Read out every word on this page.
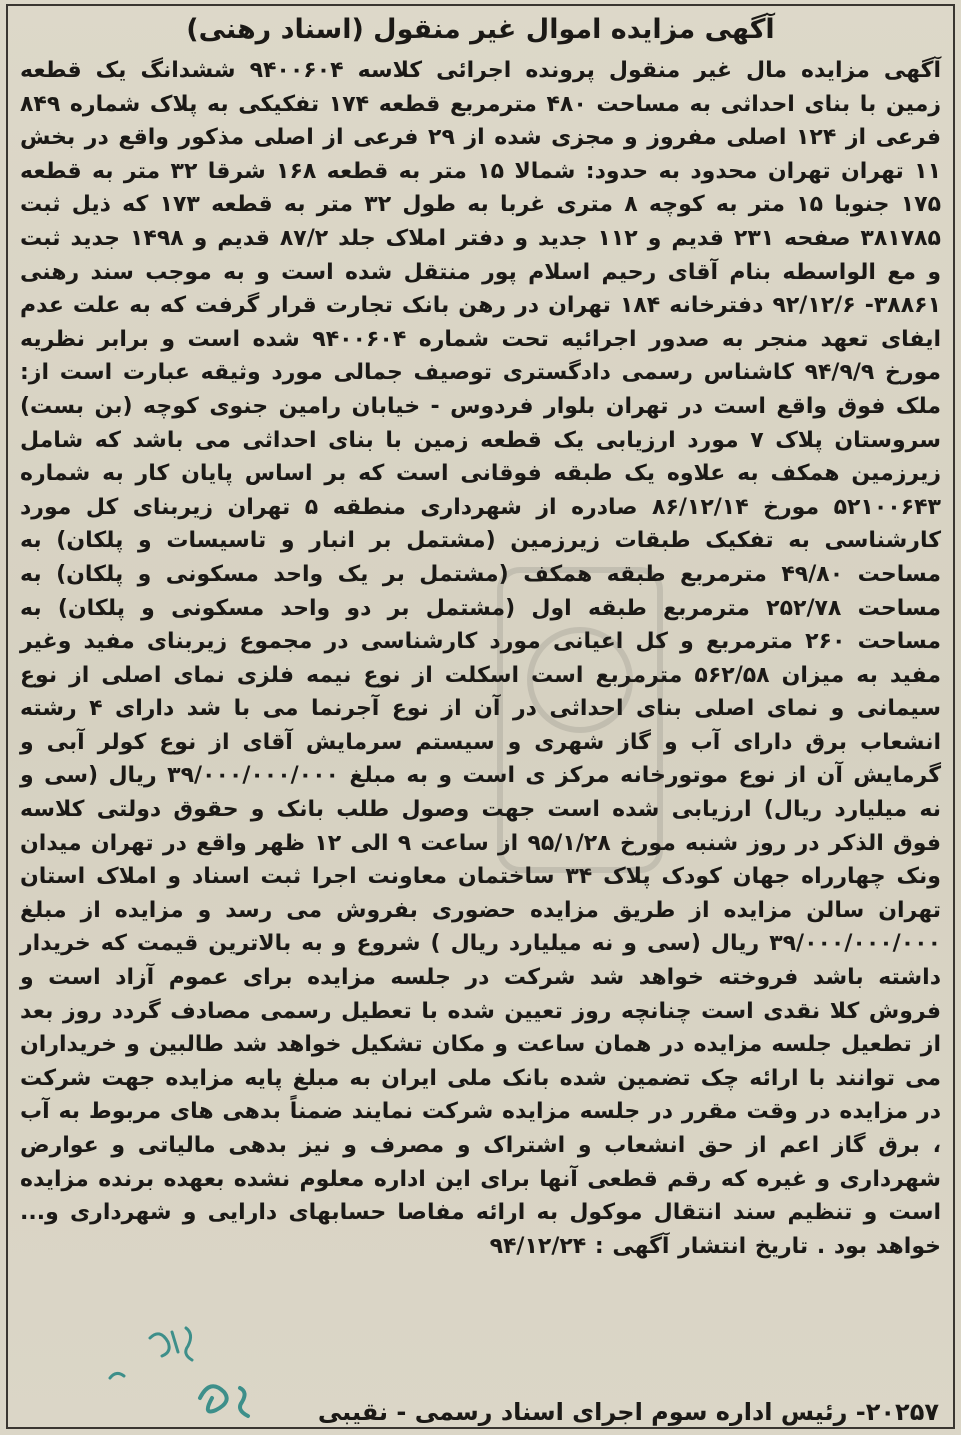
آگهی مزایده اموال غیر منقول (اسناد رهنی)

آگهی مزایده مال غیر منقول پرونده اجرائی کلاسه ۹۴۰۰۶۰۴ ششدانگ یک قطعه زمین با بنای احداثی به مساحت ۴۸۰ مترمربع قطعه ۱۷۴ تفکیکی به پلاک شماره ۸۴۹ فرعی از ۱۲۴ اصلی مفروز و مجزی شده از ۲۹ فرعی از اصلی مذکور واقع در بخش ۱۱ تهران تهران محدود به حدود: شمالا ۱۵ متر به قطعه ۱۶۸ شرقا ۳۲ متر به قطعه ۱۷۵ جنوبا ۱۵ متر به کوچه ۸ متری غربا به طول ۳۲ متر به قطعه ۱۷۳ که ذیل ثبت ۳۸۱۷۸۵ صفحه ۲۳۱ قدیم و ۱۱۲ جدید و دفتر املاک جلد ۸۷/۲ قدیم و ۱۴۹۸ جدید ثبت و مع الواسطه بنام آقای رحیم اسلام پور منتقل شده است و به موجب سند رهنی ۳۸۸۶۱- ۹۲/۱۲/۶ دفترخانه ۱۸۴ تهران در رهن بانک تجارت قرار گرفت که به علت عدم ایفای تعهد منجر به صدور اجرائیه تحت شماره ۹۴۰۰۶۰۴ شده است و برابر نظریه مورخ ۹۴/۹/۹ کاشناس رسمی دادگستری توصیف جمالی مورد وثیقه عبارت است از: ملک فوق واقع است در تهران بلوار فردوس - خیابان رامین جنوی کوچه (بن بست) سروستان پلاک ۷ مورد ارزیابی یک قطعه زمین با بنای احداثی می باشد که شامل زیرزمین همکف به علاوه یک طبقه فوقانی است که بر اساس پایان کار به شماره ۵۲۱۰۰۶۴۳ مورخ ۸۶/۱۲/۱۴ صادره از شهرداری منطقه ۵ تهران زیربنای کل مورد کارشناسی به تفکیک طبقات زیرزمین (مشتمل بر انبار و تاسیسات و پلکان) به مساحت ۴۹/۸۰ مترمربع طبقه همکف (مشتمل بر یک واحد مسکونی و پلکان) به مساحت ۲۵۲/۷۸ مترمربع طبقه اول (مشتمل بر دو واحد مسکونی و پلکان) به مساحت ۲۶۰ مترمربع و کل اعیانی مورد کارشناسی در مجموع زیربنای مفید وغیر مفید به میزان ۵۶۲/۵۸ مترمربع است اسکلت از نوع نیمه فلزی نمای اصلی از نوع سیمانی و نمای اصلی بنای احداثی در آن از نوع آجرنما می با شد دارای ۴ رشته انشعاب برق دارای آب و گاز شهری و سیستم سرمایش آقای از نوع کولر آبی و گرمایش آن از نوع موتورخانه مرکز ی است و به مبلغ ۳۹/۰۰۰/۰۰۰/۰۰۰ ریال (سی و نه میلیارد ریال) ارزیابی شده است جهت وصول طلب بانک و حقوق دولتی کلاسه فوق الذکر در روز شنبه مورخ ۹۵/۱/۲۸ از ساعت ۹ الی ۱۲ ظهر واقع در تهران میدان ونک چهارراه جهان کودک پلاک ۳۴ ساختمان معاونت اجرا ثبت اسناد و املاک استان تهران سالن مزایده از طریق مزایده حضوری بفروش می رسد و مزایده از مبلغ ۳۹/۰۰۰/۰۰۰/۰۰۰ ریال (سی و نه میلیارد ریال ) شروع و به بالاترین قیمت که خریدار داشته باشد فروخته خواهد شد شرکت در جلسه مزایده برای عموم آزاد است و فروش کلا نقدی است چنانچه روز تعیین شده با تعطیل رسمی مصادف گردد روز بعد از تطعیل جلسه مزایده در همان ساعت و مکان تشکیل خواهد شد طالبین و خریداران می توانند با ارائه چک تضمین شده بانک ملی ایران به مبلغ پایه مزایده جهت شرکت در مزایده در وقت مقرر در جلسه مزایده شرکت نمایند ضمناً بدهی های مربوط به آب ، برق گاز اعم از حق انشعاب و اشتراک و مصرف و نیز بدهی مالیاتی و عوارض شهرداری و غیره که رقم قطعی آنها برای این اداره معلوم نشده بعهده برنده مزایده است و تنظیم سند انتقال موکول به ارائه مفاصا حسابهای دارایی و شهرداری و... خواهد بود . تاریخ انتشار آگهی : ۹۴/۱۲/۲۴

۲۰۲۵۷- رئیس اداره سوم اجرای اسناد رسمی - نقیبی
